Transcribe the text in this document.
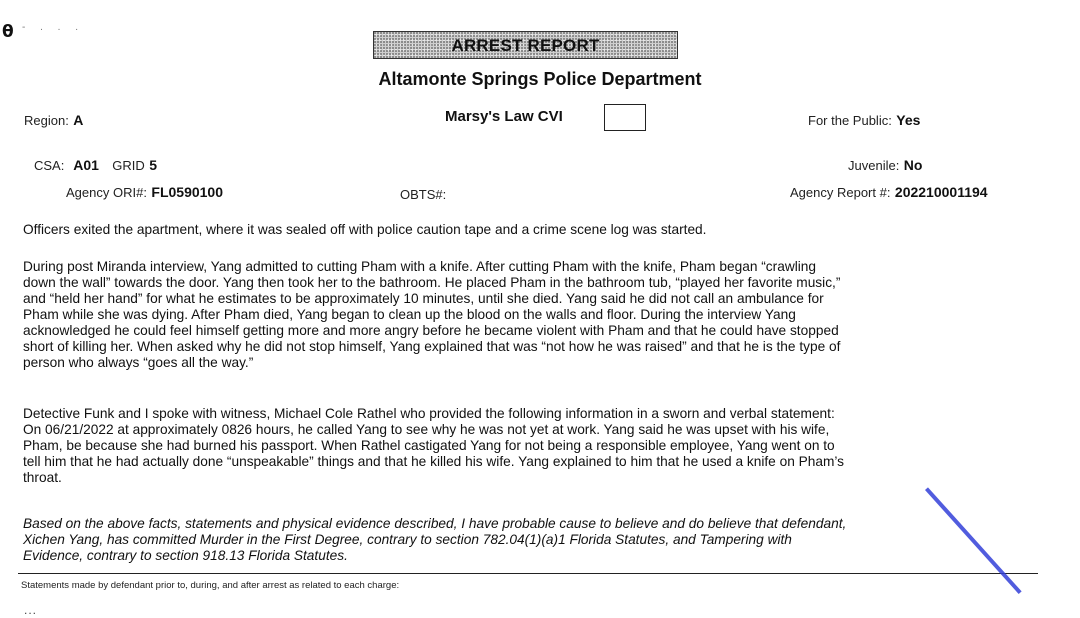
θ - . . .
ARREST REPORT
Altamonte Springs Police Department
Region: A	Marsy's Law CVI	For the Public: Yes
CSA: A01 GRID 5	Juvenile: No
Agency ORI#: FL0590100	OBTS#:	Agency Report #: 202210001194

Officers exited the apartment, where it was sealed off with police caution tape and a crime scene log was started.

During post Miranda interview, Yang admitted to cutting Pham with a knife. After cutting Pham with the knife, Pham began “crawling

down the wall” towards the door. Yang then took her to the bathroom. He placed Pham in the bathroom tub, “played her favorite music,”

and “held her hand” for what he estimates to be approximately 10 minutes, until she died. Yang said he did not call an ambulance for

Pham while she was dying. After Pham died, Yang began to clean up the blood on the walls and floor. During the interview Yang

acknowledged he could feel himself getting more and more angry before he became violent with Pham and that he could have stopped

short of killing her. When asked why he did not stop himself, Yang explained that was “not how he was raised” and that he is the type of

person who always “goes all the way.”

Detective Funk and I spoke with witness, Michael Cole Rathel who provided the following information in a sworn and verbal statement:

On 06/21/2022 at approximately 0826 hours, he called Yang to see why he was not yet at work. Yang said he was upset with his wife,

Pham, be because she had burned his passport. When Rathel castigated Yang for not being a responsible employee, Yang went on to

tell him that he had actually done “unspeakable” things and that he killed his wife. Yang explained to him that he used a knife on Pham’s

throat.

Based on the above facts, statements and physical evidence described, I have probable cause to believe and do believe that defendant,

Xichen Yang, has committed Murder in the First Degree, contrary to section 782.04(1)(a)1 Florida Statutes, and Tampering with

Evidence, contrary to section 918.13 Florida Statutes.

Statements made by defendant prior to, during, and after arrest as related to each charge:
...
